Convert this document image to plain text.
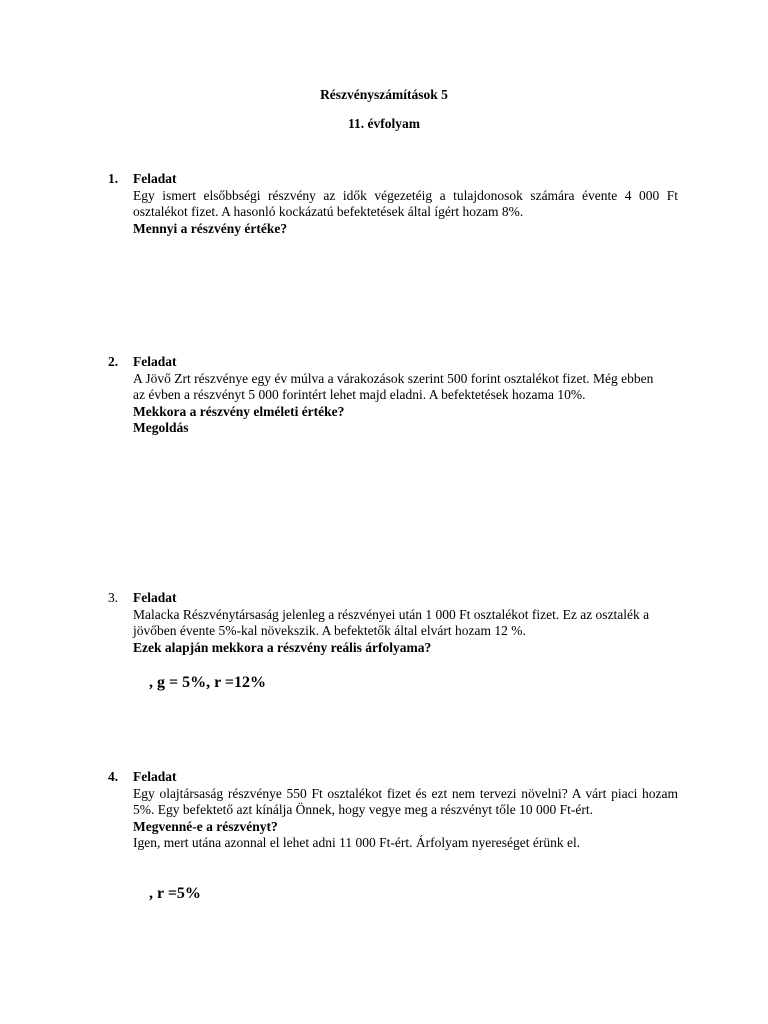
Részvényszámítások 5
11. évfolyam
1. Feladat
Egy ismert elsőbbségi részvény az idők végezetéig a tulajdonosok számára évente 4 000 Ft osztalékot fizet. A hasonló kockázatú befektetések által ígért hozam 8%.
Mennyi a részvény értéke?
2. Feladat
A Jövő Zrt részvénye egy év múlva a várakozások szerint 500 forint osztalékot fizet. Még ebben az évben a részvényt 5 000 forintért lehet majd eladni. A befektetések hozama 10%.
Mekkora a részvény elméleti értéke?
Megoldás
3. Feladat
Malacka Részvénytársaság jelenleg a részvényei után 1 000 Ft osztalékot fizet. Ez az osztalék a jövőben évente 5%-kal növekszik. A befektetők által elvárt hozam 12 %.
Ezek alapján mekkora a részvény reális árfolyama?
, g = 5%, r =12%
4. Feladat
Egy olajtársaság részvénye 550 Ft osztalékot fizet és ezt nem tervezi növelni? A várt piaci hozam 5%. Egy befektető azt kínálja Önnek, hogy vegye meg a részvényt tőle 10 000 Ft-ért.
Megvenné-e a részvényt?
Igen, mert utána azonnal el lehet adni 11 000 Ft-ért. Árfolyam nyereséget érünk el.
, r =5%
